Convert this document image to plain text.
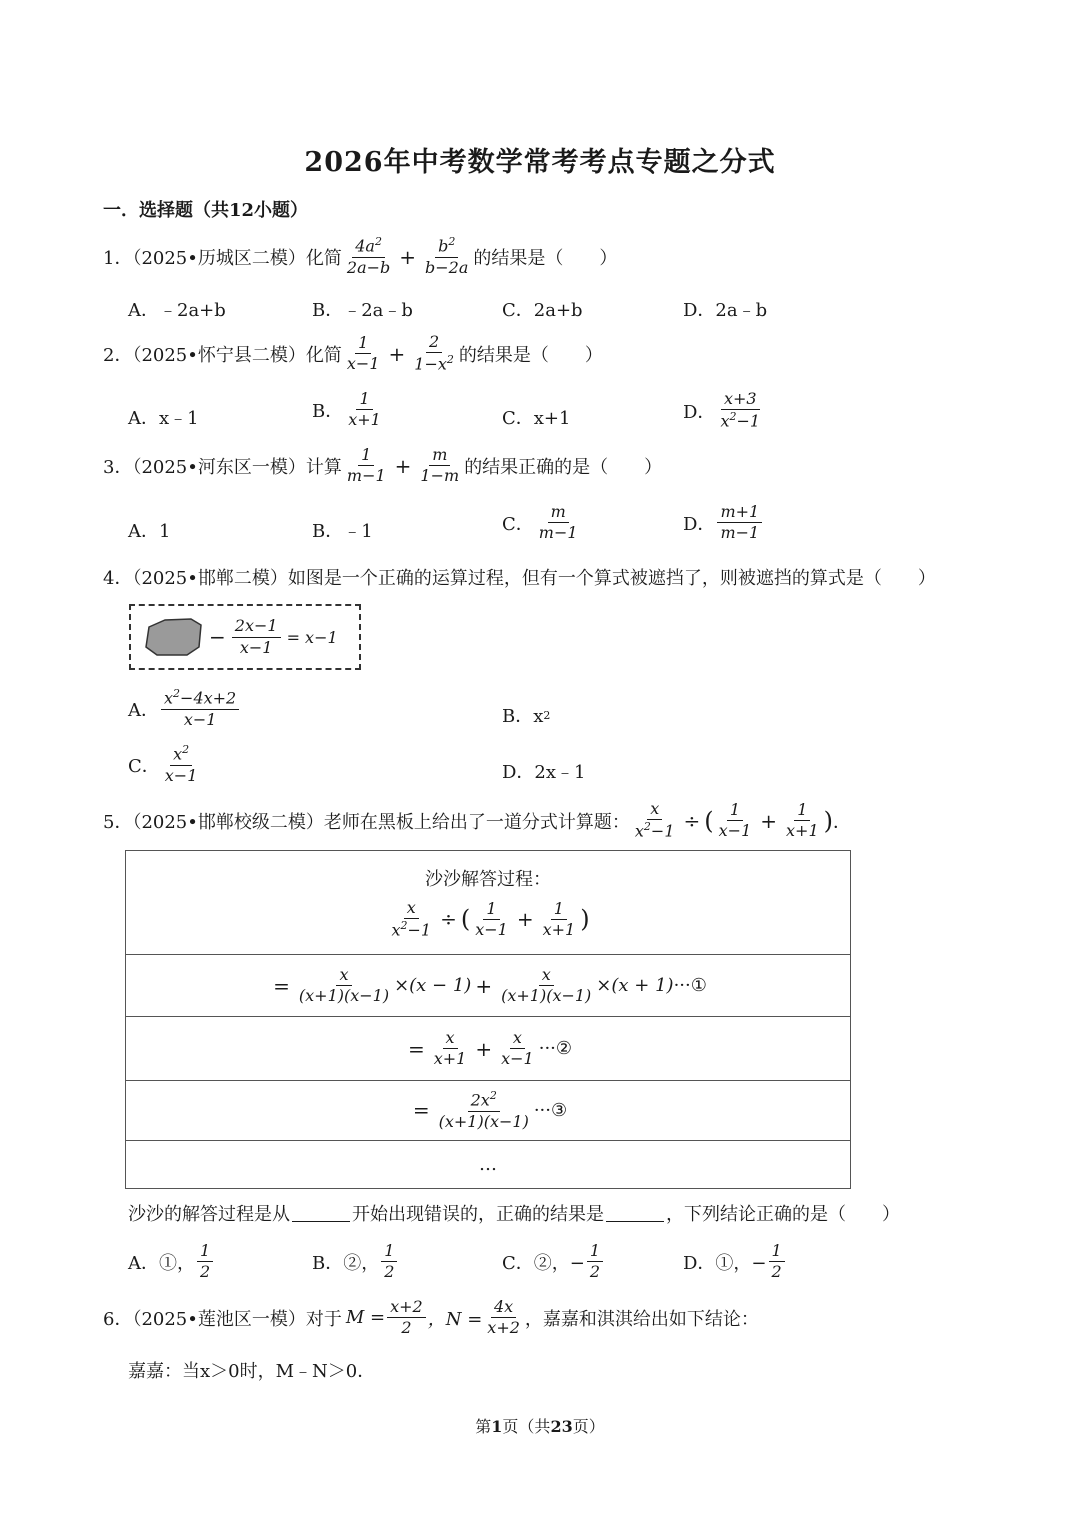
2026年中考数学常考考点专题之分式
一．选择题（共12小题）
1．（2025•历城区二模）化简 $\frac{4a^2}{2a-b} + \frac{b^2}{b-2a}$ 的结果是（　　）
A．﹣2a+b	B．﹣2a﹣b	C．2a+b	D．2a﹣b
2．（2025•怀宁县二模）化简 $\frac{1}{x-1} + \frac{2}{1-x^2}$ 的结果是（　　）
A．x﹣1	B． $\frac{1}{x+1}$	C．x+1	D． $\frac{x+3}{x^2-1}$
3．（2025•河东区一模）计算 $\frac{1}{m-1} + \frac{m}{1-m}$ 的结果正确的是（　　）
A．1	B．﹣1	C． $\frac{m}{m-1}$	D． $\frac{m+1}{m-1}$
4．（2025•邯郸二模）如图是一个正确的运算过程，但有一个算式被遮挡了，则被遮挡的算式是（　　）
− $\frac{2x-1}{x-1} = x-1$
A． $\frac{x^2-4x+2}{x-1}$	B．x 2
C． $\frac{x^2}{x-1}$	D．2x﹣1
5．（2025•邯郸校级二模）老师在黑板上给出了一道分式计算题： $\frac{x}{x^2-1}$ ÷ ( $\frac{1}{x-1} + \frac{1}{x+1}$ ) ．
沙沙解答过程：
$\frac{x}{x^2-1}$ ÷ ( $\frac{1}{x-1} + \frac{1}{x+1}$ )

= $\frac{x}{(x+1)(x-1)} \times(x - 1) + \frac{x}{(x+1)(x-1)} \times(x + 1)$ ···①

= $\frac{x}{x+1} + \frac{x}{x-1}$ ···②

= $\frac{2x^2}{(x+1)(x-1)}$ ···③

…
沙沙的解答过程是从	开始出现错误的，正确的结果是	，下列结论正确的是（　　）
A．①， $\frac{1}{2}$	B．②， $\frac{1}{2}$	C．②，− $\frac{1}{2}$	D．①，− $\frac{1}{2}$
6．（2025•莲池区一模）对于 $M = \frac{x+2}{2}$ ，$N = \frac{4x}{x+2}$ ，嘉嘉和淇淇给出如下结论：
嘉嘉：当x＞0时，M﹣N＞0．
第1页（共23页）
